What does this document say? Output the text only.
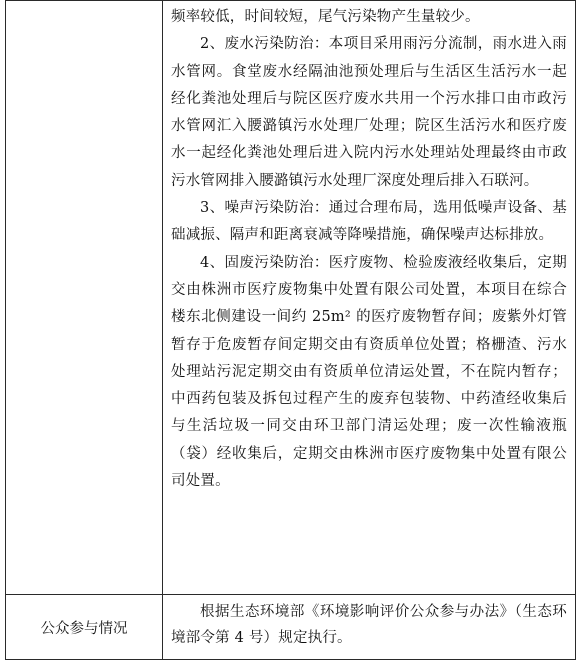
	频率较低，时间较短，尾气污染物产生量较少。

2、废水污染防治：本项目采用雨污分流制，雨水进入雨水管网。食堂废水经隔油池预处理后与生活区生活污水一起经化粪池处理后与院区医疗废水共用一个污水排口由市政污水管网汇入腰潞镇污水处理厂处理；院区生活污水和医疗废水一起经化粪池处理后进入院内污水处理站处理最终由市政污水管网排入腰潞镇污水处理厂深度处理后排入石联河。

3、噪声污染防治：通过合理布局，选用低噪声设备、基础减振、隔声和距离衰减等降噪措施，确保噪声达标排放。

4、固废污染防治：医疗废物、检验废液经收集后，定期交由株洲市医疗废物集中处置有限公司处置，本项目在综合楼东北侧建设一间约 25m² 的医疗废物暂存间；废紫外灯管暂存于危废暂存间定期交由有资质单位处置；格栅渣、污水处理站污泥定期交由有资质单位清运处置，不在院内暂存；中西药包装及拆包过程产生的废弃包装物、中药渣经收集后与生活垃圾一同交由环卫部门清运处理；废一次性输液瓶（袋）经收集后，定期交由株洲市医疗废物集中处置有限公司处置。

公众参与情况	根据生态环境部《环境影响评价公众参与办法》（生态环境部令第 4 号）规定执行。
